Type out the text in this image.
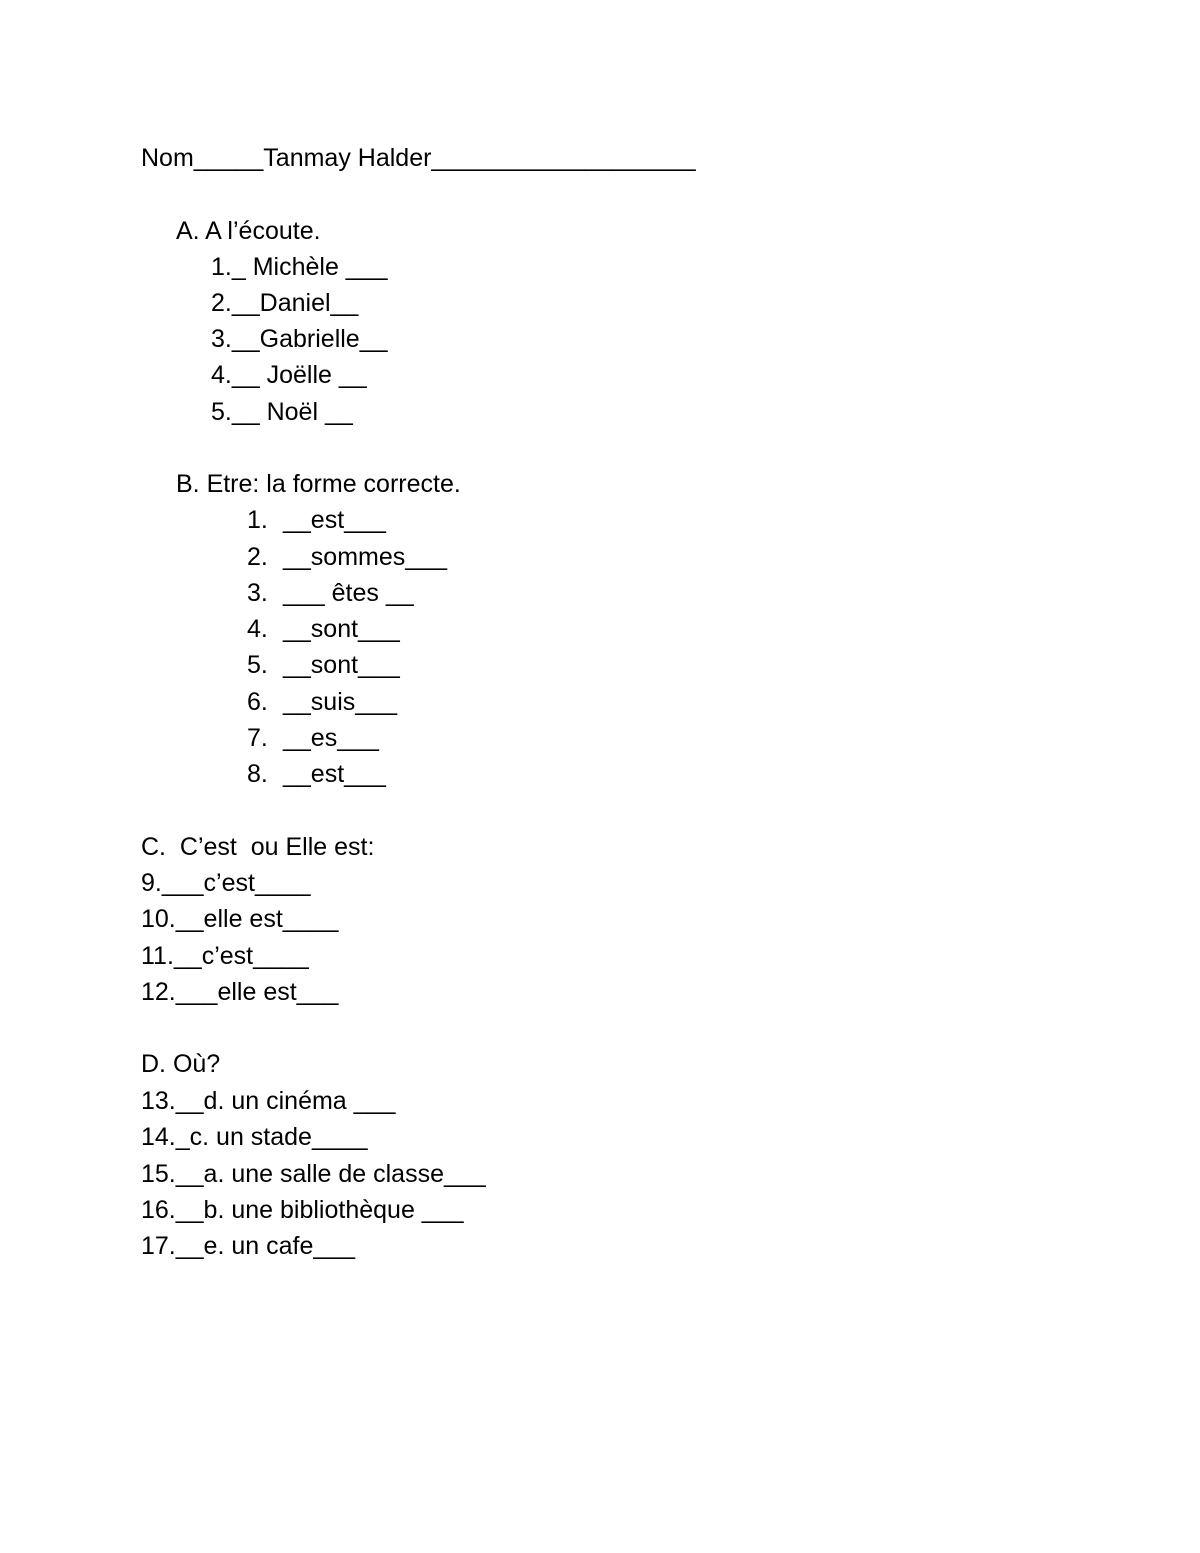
Nom_____Tanmay Halder___________________
A. A l’écoute.
1._ Michèle ___
2.__Daniel__
3.__Gabrielle__
4.__ Joëlle __
5.__ Noël __
B. Etre: la forme correcte.
1. __est___
2. __sommes___
3. ___ êtes __
4. __sont___
5. __sont___
6. __suis___
7. __es___
8. __est___
C.  C’est  ou Elle est:
9.___c’est____
10.__elle est____
11.__c’est____
12.___elle est___
D. Où?
13.__d. un cinéma ___
14._c. un stade____
15.__a. une salle de classe___
16.__b. une bibliothèque ___
17.__e. un cafe___
